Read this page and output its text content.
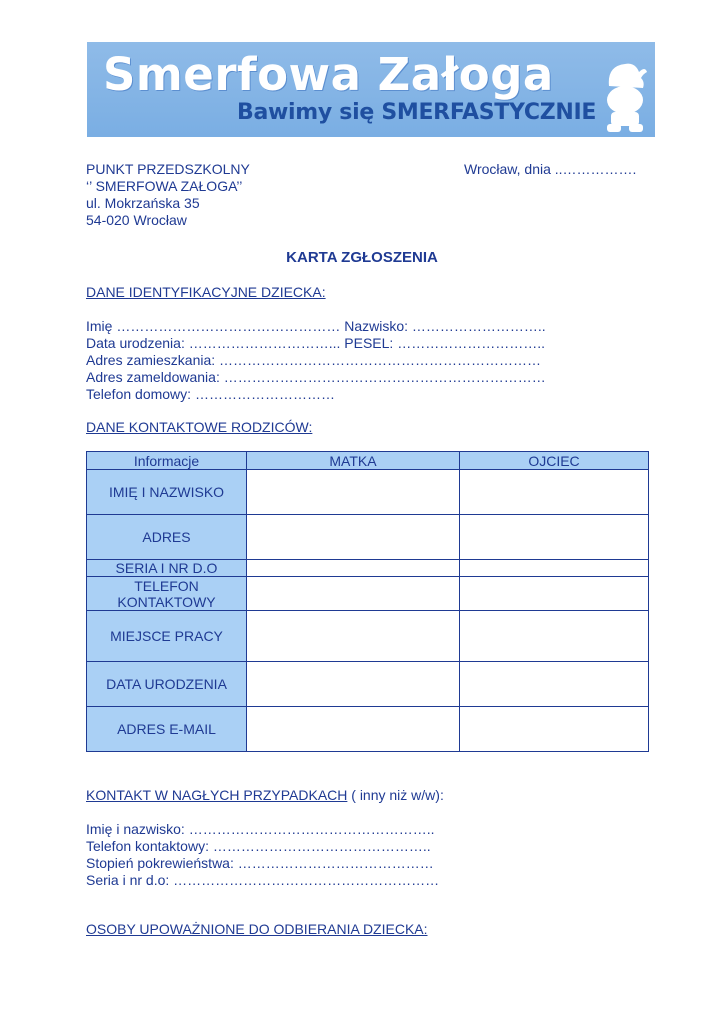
Smerfowa Załoga
Bawimy się SMERFASTYCZNIE
PUNKT PRZEDSZKOLNY
‘’ SMERFOWA ZAŁOGA’’
ul. Mokrzańska 35
54-020 Wrocław
Wrocław, dnia ..…………….
KARTA ZGŁOSZENIA
DANE IDENTYFIKACYJNE DZIECKA:
Imię ………………………………………… Nazwisko: ………………………..
Data urodzenia: …………………………... PESEL: …………………………..
Adres zamieszkania: ……………………………………………………………
Adres zameldowania: ……………………………………………………………
Telefon domowy: …………………………
DANE KONTAKTOWE RODZICÓW:
Informacje	MATKA	OJCIEC
IMIĘ I NAZWISKO		
ADRES		
SERIA I NR D.O		
TELEFON KONTAKTOWY		
MIEJSCE PRACY		
DATA URODZENIA		
ADRES E-MAIL		
KONTAKT W NAGŁYCH PRZYPADKACH ( inny niż w/w):
Imię i nazwisko: ……………………………………………..
Telefon kontaktowy: ………………………………………..
Stopień pokrewieństwa: ……………………………………
Seria i nr d.o: …………………………………………………
OSOBY UPOWAŻNIONE DO ODBIERANIA DZIECKA:
